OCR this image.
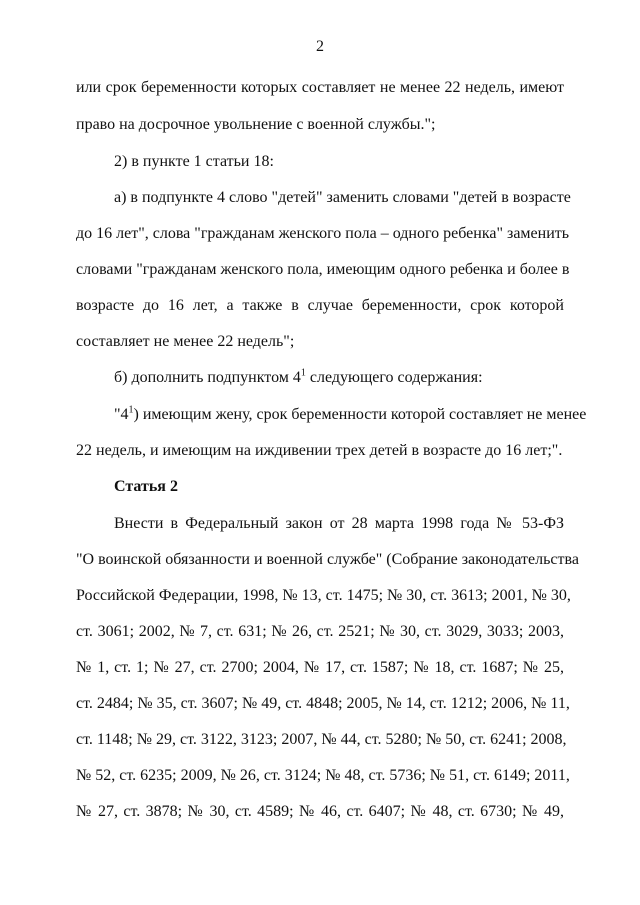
2
или срок беременности которых составляет не менее 22 недель, имеют
право на досрочное увольнение с военной службы.";
2) в пункте 1 статьи 18:
а) в подпункте 4 слово "детей" заменить словами "детей в возрасте
до 16 лет", слова "гражданам женского пола – одного ребенка" заменить
словами "гражданам женского пола, имеющим одного ребенка и более в
возрасте до 16 лет, а также в случае беременности, срок которой
составляет не менее 22 недель";
б) дополнить подпунктом $4^1$ следующего содержания:
"$4^1$) имеющим жену, срок беременности которой составляет не менее
22 недель, и имеющим на иждивении трех детей в возрасте до 16 лет;".
Статья 2
Внести в Федеральный закон от 28 марта 1998 года № 53-ФЗ
"О воинской обязанности и военной службе" (Собрание законодательства
Российской Федерации, 1998, № 13, ст. 1475; № 30, ст. 3613; 2001, № 30,
ст. 3061; 2002, № 7, ст. 631; № 26, ст. 2521; № 30, ст. 3029, 3033; 2003,
№ 1, ст. 1; № 27, ст. 2700; 2004, № 17, ст. 1587; № 18, ст. 1687; № 25,
ст. 2484; № 35, ст. 3607; № 49, ст. 4848; 2005, № 14, ст. 1212; 2006, № 11,
ст. 1148; № 29, ст. 3122, 3123; 2007, № 44, ст. 5280; № 50, ст. 6241; 2008,
№ 52, ст. 6235; 2009, № 26, ст. 3124; № 48, ст. 5736; № 51, ст. 6149; 2011,
№ 27, ст. 3878; № 30, ст. 4589; № 46, ст. 6407; № 48, ст. 6730; № 49,
